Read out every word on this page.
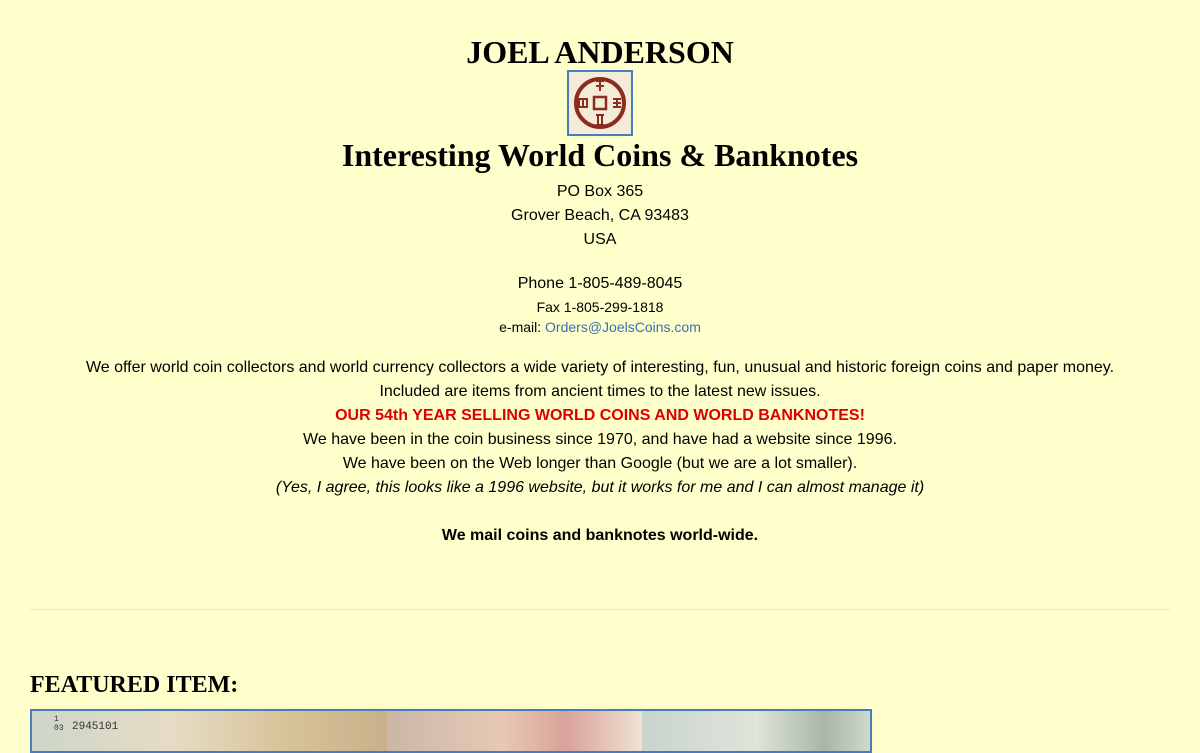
JOEL ANDERSON
Interesting World Coins & Banknotes
PO Box 365
Grover Beach, CA 93483
USA
Phone 1-805-489-8045
Fax 1-805-299-1818
e-mail: Orders@JoelsCoins.com
We offer world coin collectors and world currency collectors a wide variety of interesting, fun, unusual and historic foreign coins and paper money.
Included are items from ancient times to the latest new issues.
OUR 54th YEAR SELLING WORLD COINS AND WORLD BANKNOTES!
We have been in the coin business since 1970, and have had a website since 1996.
We have been on the Web longer than Google (but we are a lot smaller).
(Yes, I agree, this looks like a 1996 website, but it works for me and I can almost manage it)
We mail coins and banknotes world-wide.
FEATURED ITEM:
1
03 2945101
